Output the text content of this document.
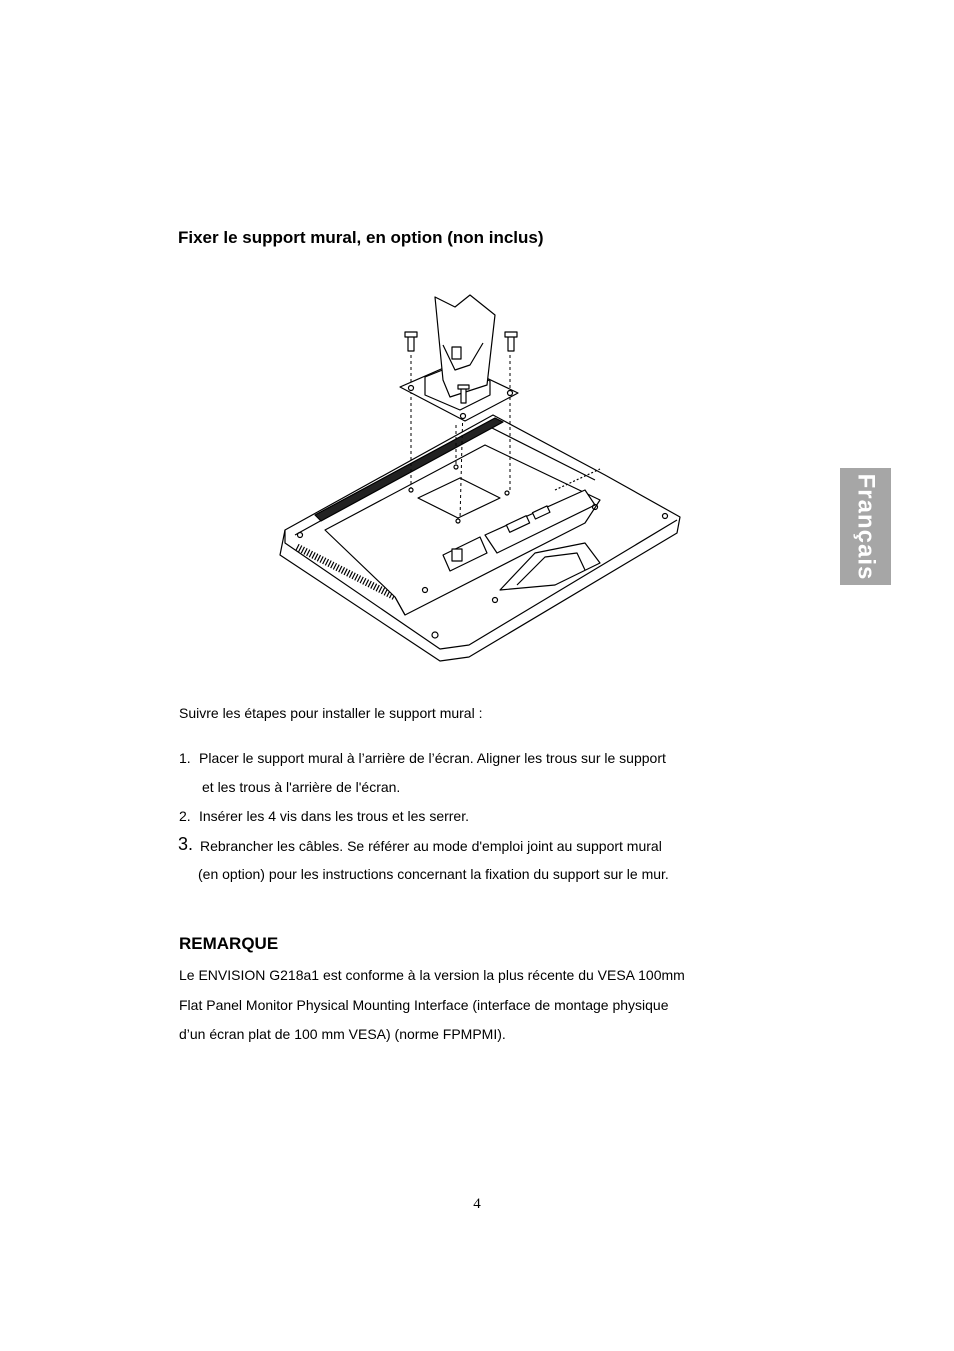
Fixer le support mural, en option (non inclus)
Suivre les étapes pour installer le support mural :
1. Placer le support mural à l’arrière de l’écran. Aligner les trous sur le support
et les trous à l'arrière de l'écran.
2. Insérer les 4 vis dans les trous et les serrer.
3. Rebrancher les câbles. Se référer au mode d'emploi joint au support mural
(en option) pour les instructions concernant la fixation du support sur le mur.
REMARQUE
Le ENVISION G218a1 est conforme à la version la plus récente du VESA 100mm
Flat Panel Monitor Physical Mounting Interface (interface de montage physique
d’un écran plat de 100 mm VESA) (norme FPMPMI).
4
Français
